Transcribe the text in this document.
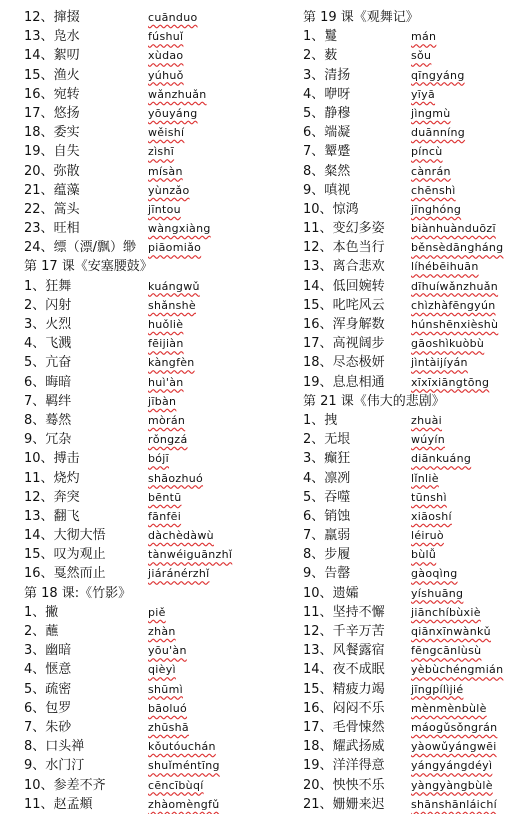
12、撺掇	cuānduo
13、凫水	fúshuǐ
14、絮叨	xùdao
15、渔火	yúhuǒ
16、宛转	wǎnzhuǎn
17、悠扬	yōuyáng
18、委实	wěishí
19、自失	zìshī
20、弥散	mísàn
21、蕴藻	yùnzǎo
22、篙头	jīntou
23、旺相	wàngxiàng
24、缥（漂/飘）缈 piāomiǎo
第 17 课《安塞腰鼓》
1、狂舞	kuángwǔ
2、闪射	shǎnshè
3、火烈	huǒliè
4、飞溅	fēijiàn
5、亢奋	kàngfèn
6、晦暗	huì'àn
7、羁绊	jībàn
8、蓦然	mòrán
9、冗杂	rǒngzá
10、搏击	bójī
11、烧灼	shāozhuó
12、奔突	bēntū
13、翻飞	fānfēi
14、大彻大悟	dàchèdàwù
15、叹为观止	tànwéiguānzhǐ
16、戛然而止	jiáránérzhǐ
第 18 课:《竹影》
1、撇	piě
2、蘸	zhàn
3、幽暗	yōu'àn
4、惬意	qièyì
5、疏密	shūmì
6、包罗	bāoluó
7、朱砂	zhūshā
8、口头禅	kǒutóuchán
9、水门汀	shuǐméntīng
10、参差不齐	cēncībùqí
11、赵孟頫	zhàomèngfǔ
第 19 课《观舞记》
1、鬘	mán
2、薮	sǒu
3、清扬	qīngyáng
4、咿呀	yīyā
5、静穆	jìngmù
6、端凝	duānníng
7、颦蹙	píncù
8、粲然	cànrán
9、嗔视	chēnshì
10、惊鸿	jīnghóng
11、变幻多姿 biànhuànduōzī
12、本色当行 běnsèdāngháng
13、离合悲欢 líhébēihuān
14、低回婉转 dīhuíwǎnzhuǎn
15、叱咤风云 chìzhàfēngyún
16、浑身解数 húnshēnxièshù
17、高视阔步 gāoshìkuòbù
18、尽态极妍 jìntàijíyán
19、息息相通 xīxīxiāngtōng
第 21 课《伟大的悲剧》
1、拽	zhuài
2、无垠	wúyín
3、癫狂	diānkuáng
4、凛冽	lǐnliè
5、吞噬	tūnshì
6、销蚀	xiāoshí
7、羸弱	léiruò
8、步履	bùlǚ
9、告罄	gàoqìng
10、遗孀	yíshuāng
11、坚持不懈 jiānchíbùxiè
12、千辛万苦 qiānxīnwànkǔ
13、风餐露宿 fēngcānlùsù
14、夜不成眠 yèbùchéngmián
15、精疲力竭 jīngpílìjié
16、闷闷不乐 mènmènbùlè
17、毛骨悚然 máogǔsǒngrán
18、耀武扬威 yàowǔyángwēi
19、洋洋得意 yángyángdéyì
20、怏怏不乐 yàngyàngbùlè
21、姗姗来迟 shānshānláichí
